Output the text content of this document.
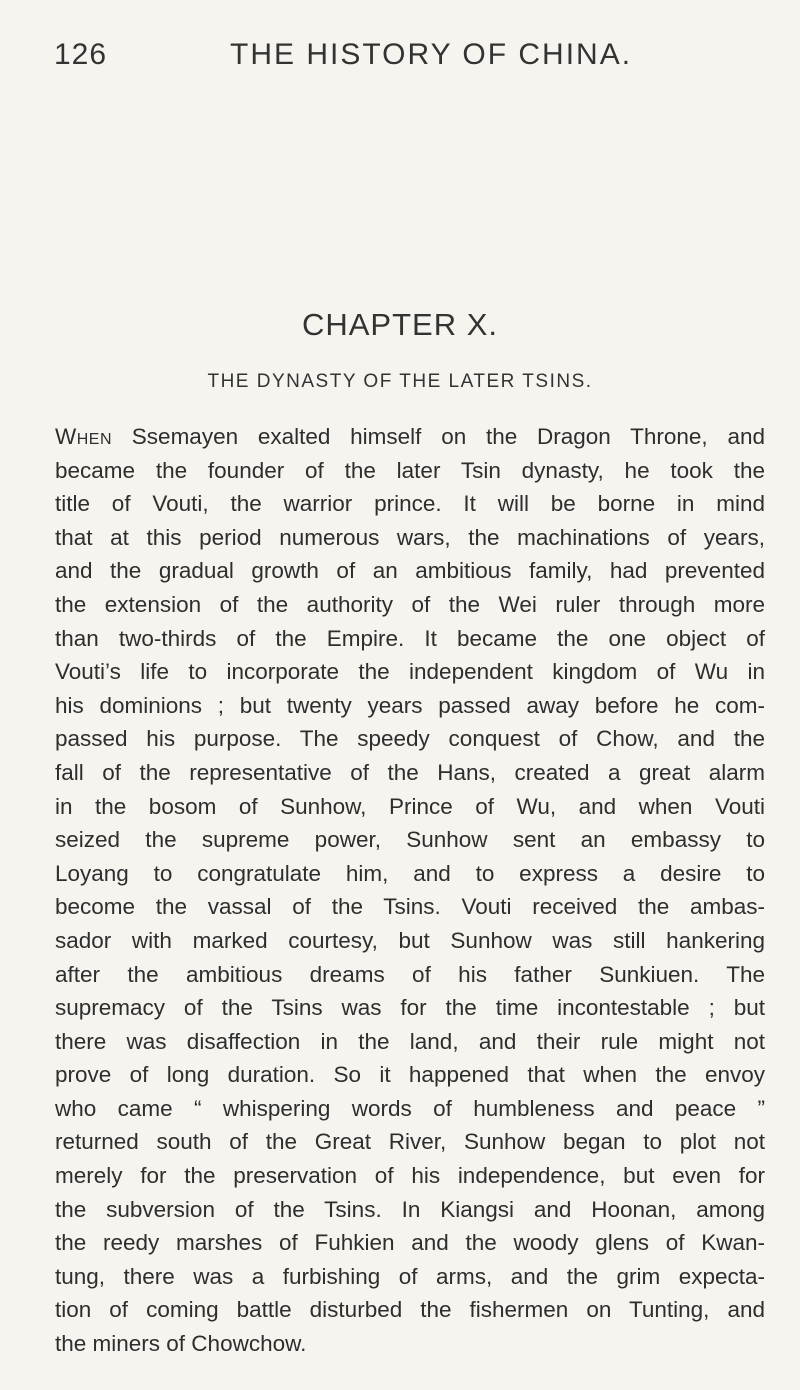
126	THE HISTORY OF CHINA.
CHAPTER X.
THE DYNASTY OF THE LATER TSINS.
When Ssemayen exalted himself on the Dragon Throne, and
became the founder of the later Tsin dynasty, he took the
title of Vouti, the warrior prince. It will be borne in mind
that at this period numerous wars, the machinations of years,
and the gradual growth of an ambitious family, had prevented
the extension of the authority of the Wei ruler through more
than two-thirds of the Empire. It became the one object of
Vouti’s life to incorporate the independent kingdom of Wu in
his dominions ; but twenty years passed away before he com-
passed his purpose. The speedy conquest of Chow, and the
fall of the representative of the Hans, created a great alarm
in the bosom of Sunhow, Prince of Wu, and when Vouti
seized the supreme power, Sunhow sent an embassy to
Loyang to congratulate him, and to express a desire to
become the vassal of the Tsins. Vouti received the ambas-
sador with marked courtesy, but Sunhow was still hankering
after the ambitious dreams of his father Sunkiuen. The
supremacy of the Tsins was for the time incontestable ; but
there was disaffection in the land, and their rule might not
prove of long duration. So it happened that when the envoy
who came “ whispering words of humbleness and peace ”
returned south of the Great River, Sunhow began to plot not
merely for the preservation of his independence, but even for
the subversion of the Tsins. In Kiangsi and Hoonan, among
the reedy marshes of Fuhkien and the woody glens of Kwan-
tung, there was a furbishing of arms, and the grim expecta-
tion of coming battle disturbed the fishermen on Tunting, and
the miners of Chowchow.
